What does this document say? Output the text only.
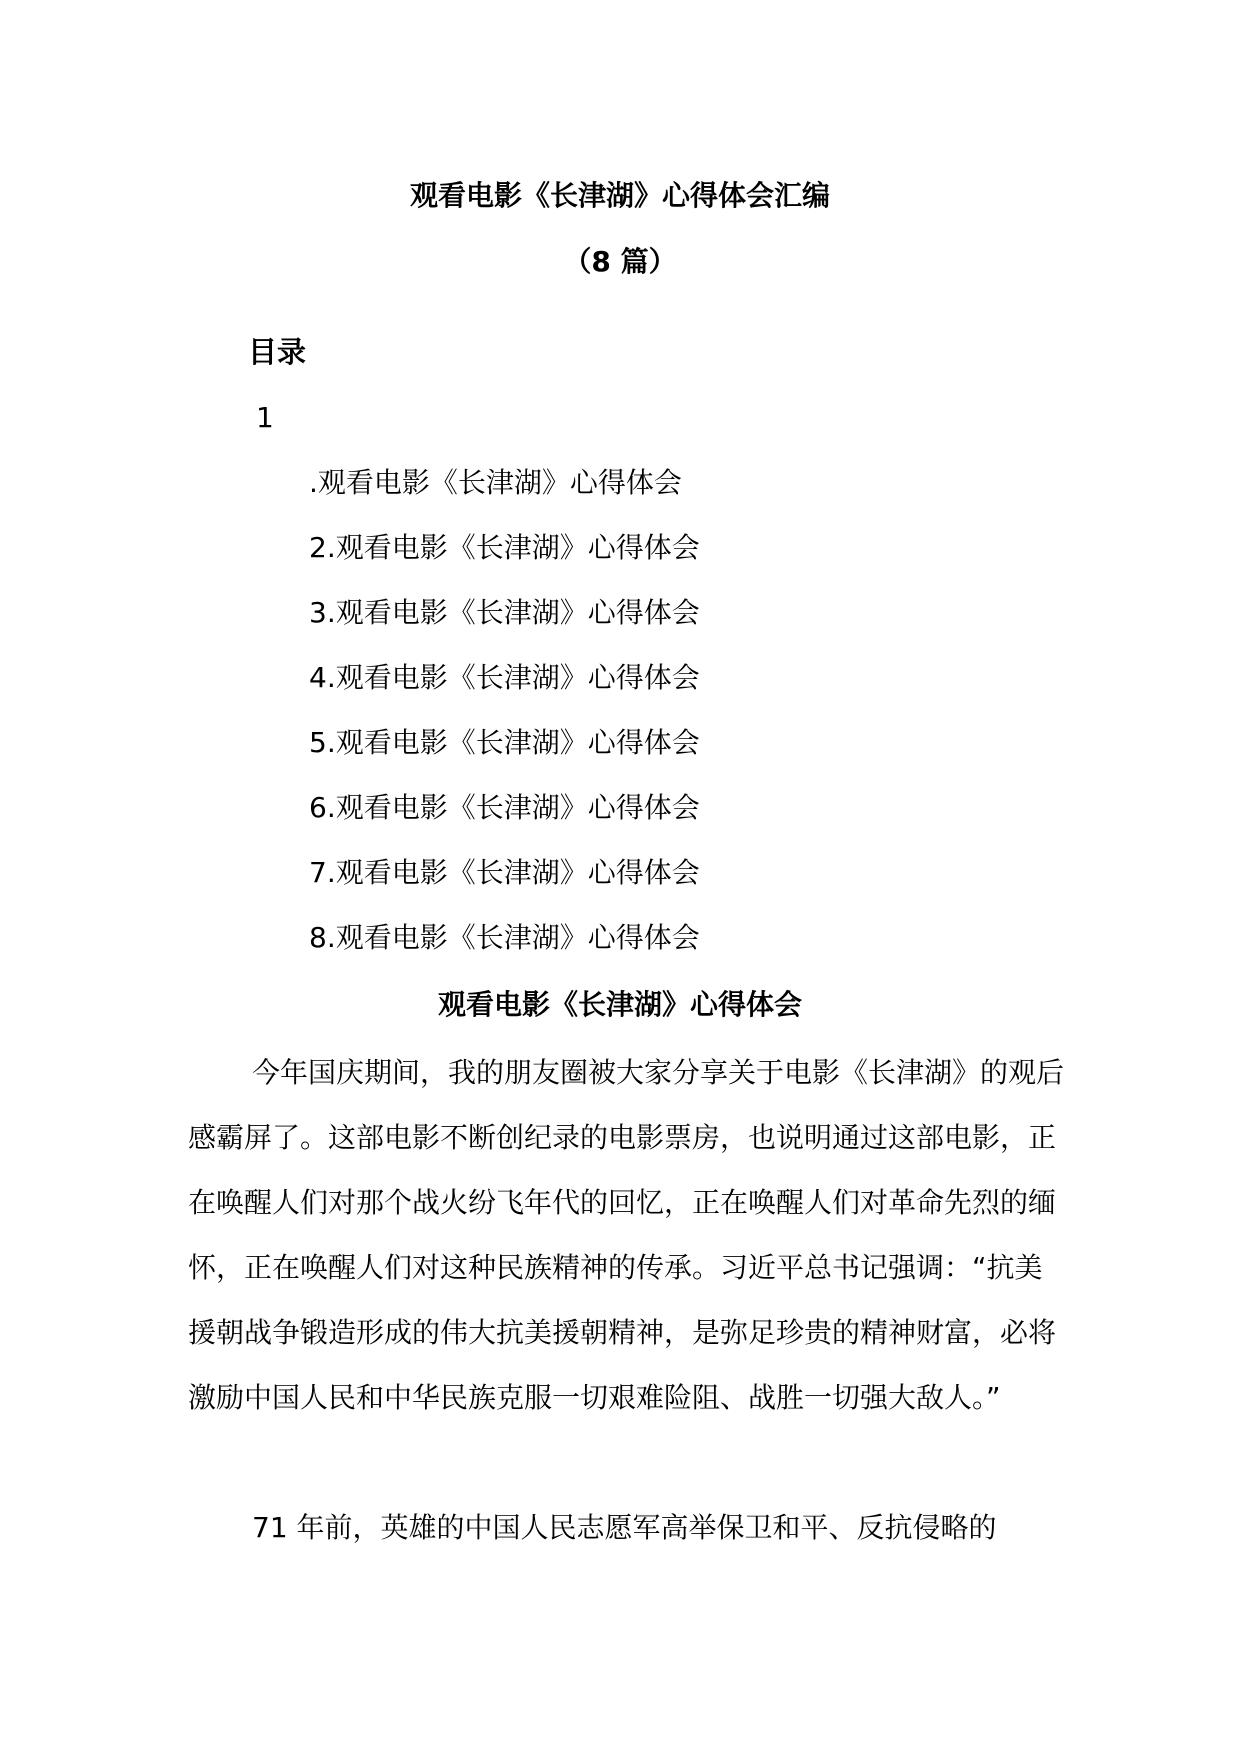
观看电影《长津湖》心得体会汇编
（8 篇）
目录
1
.观看电影《长津湖》心得体会
2.观看电影《长津湖》心得体会
3.观看电影《长津湖》心得体会
4.观看电影《长津湖》心得体会
5.观看电影《长津湖》心得体会
6.观看电影《长津湖》心得体会
7.观看电影《长津湖》心得体会
8.观看电影《长津湖》心得体会
观看电影《长津湖》心得体会

今年国庆期间，我的朋友圈被大家分享关于电影《长津湖》的观后感霸屏了。这部电影不断创纪录的电影票房，也说明通过这部电影，正在唤醒人们对那个战火纷飞年代的回忆，正在唤醒人们对革命先烈的缅怀，正在唤醒人们对这种民族精神的传承。习近平总书记强调：“抗美援朝战争锻造形成的伟大抗美援朝精神，是弥足珍贵的精神财富，必将激励中国人民和中华民族克服一切艰难险阻、战胜一切强大敌人。”

71 年前，英雄的中国人民志愿军高举保卫和平、反抗侵略的
